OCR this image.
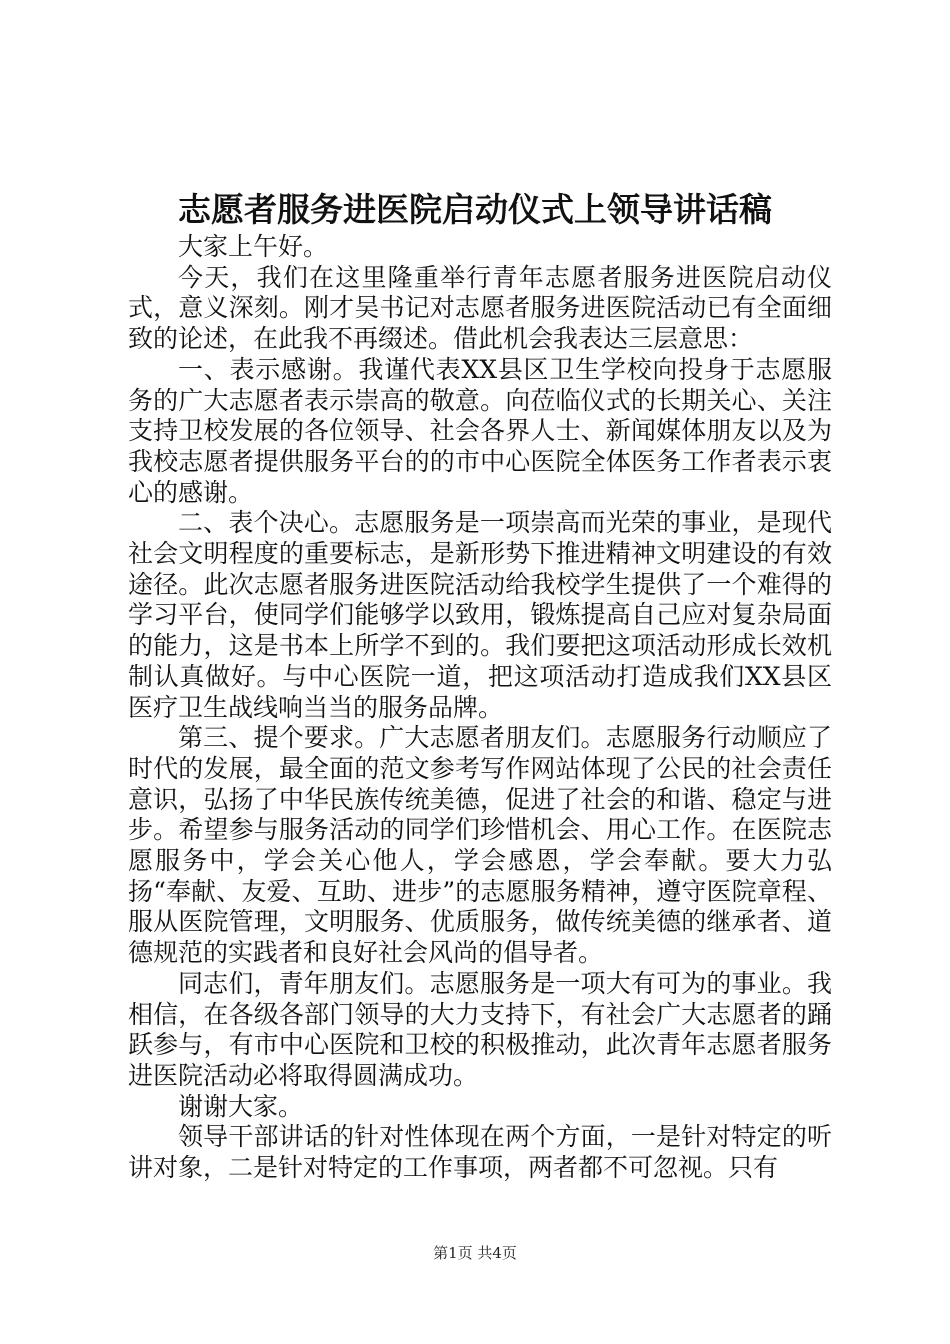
志愿者服务进医院启动仪式上领导讲话稿

大家上午好。

今天，我们在这里隆重举行青年志愿者服务进医院启动仪式，意义深刻。刚才吴书记对志愿者服务进医院活动已有全面细致的论述，在此我不再缀述。借此机会我表达三层意思：

一、表示感谢。我谨代表XX县区卫生学校向投身于志愿服务的广大志愿者表示崇高的敬意。向莅临仪式的长期关心、关注支持卫校发展的各位领导、社会各界人士、新闻媒体朋友以及为我校志愿者提供服务平台的的市中心医院全体医务工作者表示衷心的感谢。

二、表个决心。志愿服务是一项崇高而光荣的事业，是现代社会文明程度的重要标志，是新形势下推进精神文明建设的有效途径。此次志愿者服务进医院活动给我校学生提供了一个难得的学习平台，使同学们能够学以致用，锻炼提高自己应对复杂局面的能力，这是书本上所学不到的。我们要把这项活动形成长效机制认真做好。与中心医院一道，把这项活动打造成我们XX县区医疗卫生战线响当当的服务品牌。

第三、提个要求。广大志愿者朋友们。志愿服务行动顺应了时代的发展，最全面的范文参考写作网站体现了公民的社会责任意识，弘扬了中华民族传统美德，促进了社会的和谐、稳定与进步。希望参与服务活动的同学们珍惜机会、用心工作。在医院志愿服务中，学会关心他人，学会感恩，学会奉献。要大力弘扬“奉献、友爱、互助、进步”的志愿服务精神，遵守医院章程、服从医院管理，文明服务、优质服务，做传统美德的继承者、道德规范的实践者和良好社会风尚的倡导者。

同志们，青年朋友们。志愿服务是一项大有可为的事业。我相信，在各级各部门领导的大力支持下，有社会广大志愿者的踊跃参与，有市中心医院和卫校的积极推动，此次青年志愿者服务进医院活动必将取得圆满成功。

谢谢大家。

领导干部讲话的针对性体现在两个方面，一是针对特定的听讲对象，二是针对特定的工作事项，两者都不可忽视。只有

第1页 共4页
